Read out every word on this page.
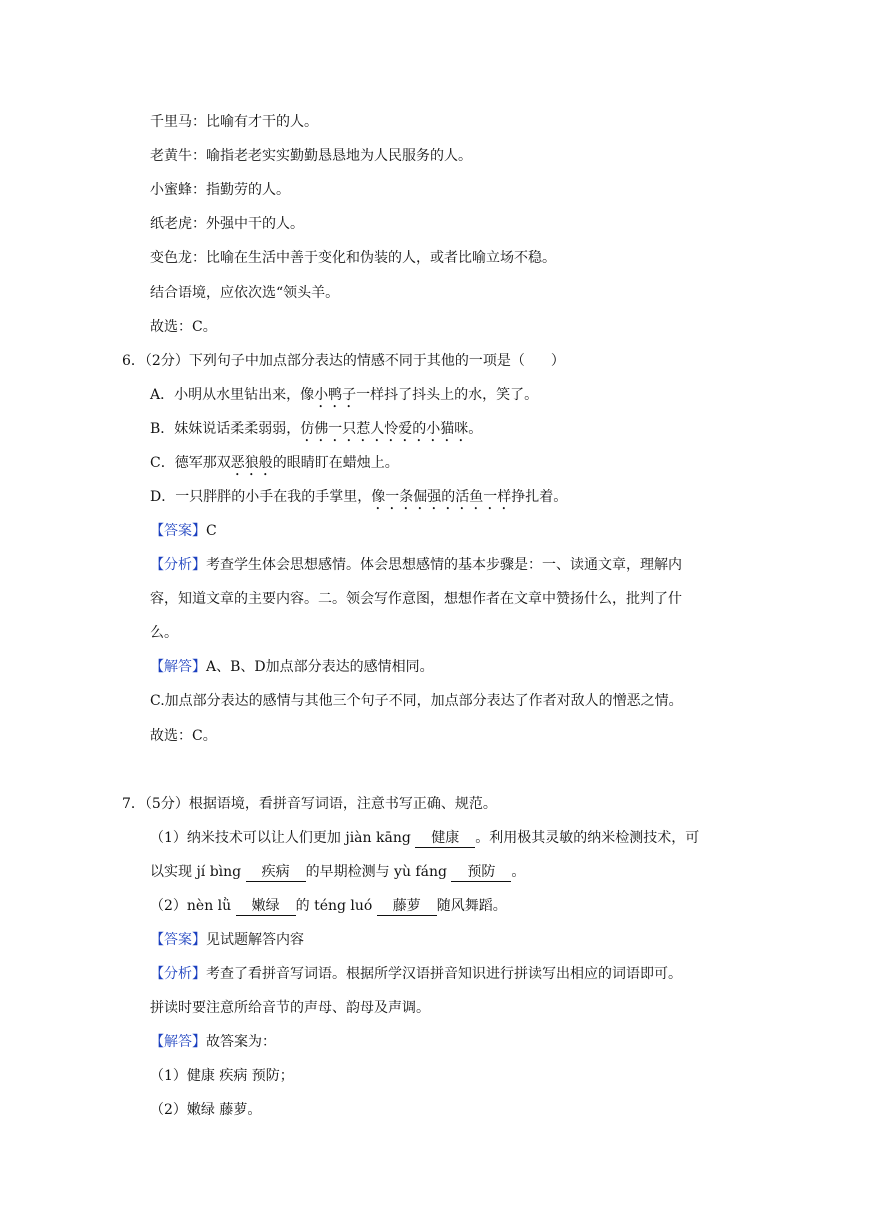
千里马：比喻有才干的人。
老黄牛：喻指老老实实勤勤恳恳地为人民服务的人。
小蜜蜂：指勤劳的人。
纸老虎：外强中干的人。
变色龙：比喻在生活中善于变化和伪装的人，或者比喻立场不稳。
结合语境，应依次选“领头羊。
故选：C。
6．（2分）下列句子中加点部分表达的情感不同于其他的一项是（ ）
A．小明从水里钻出来，像小鸭子一样抖了抖头上的水，笑了。
B．妹妹说话柔柔弱弱，仿佛一只惹人怜爱的小猫咪。
C．德军那双恶狼般的眼睛盯在蜡烛上。
D．一只胖胖的小手在我的手掌里，像一条倔强的活鱼一样挣扎着。
【答案】C
【分析】考查学生体会思想感情。体会思想感情的基本步骤是：一、读通文章，理解内
容，知道文章的主要内容。二。领会写作意图，想想作者在文章中赞扬什么，批判了什
么。
【解答】A、B、D加点部分表达的感情相同。
C.加点部分表达的感情与其他三个句子不同，加点部分表达了作者对敌人的憎恶之情。
故选：C。
7．（5分）根据语境，看拼音写词语，注意书写正确、规范。
（1）纳米技术可以让人们更加 jiàn kāng 健康 。利用极其灵敏的纳米检测技术，可
以实现 jí bìng 疾病 的早期检测与 yù fáng 预防 。
（2）nèn lǜ 嫩绿 的 téng luó 藤萝 随风舞蹈。
【答案】见试题解答内容
【分析】考查了看拼音写词语。根据所学汉语拼音知识进行拼读写出相应的词语即可。
拼读时要注意所给音节的声母、韵母及声调。
【解答】故答案为：
（1）健康 疾病 预防；
（2）嫩绿 藤萝。
